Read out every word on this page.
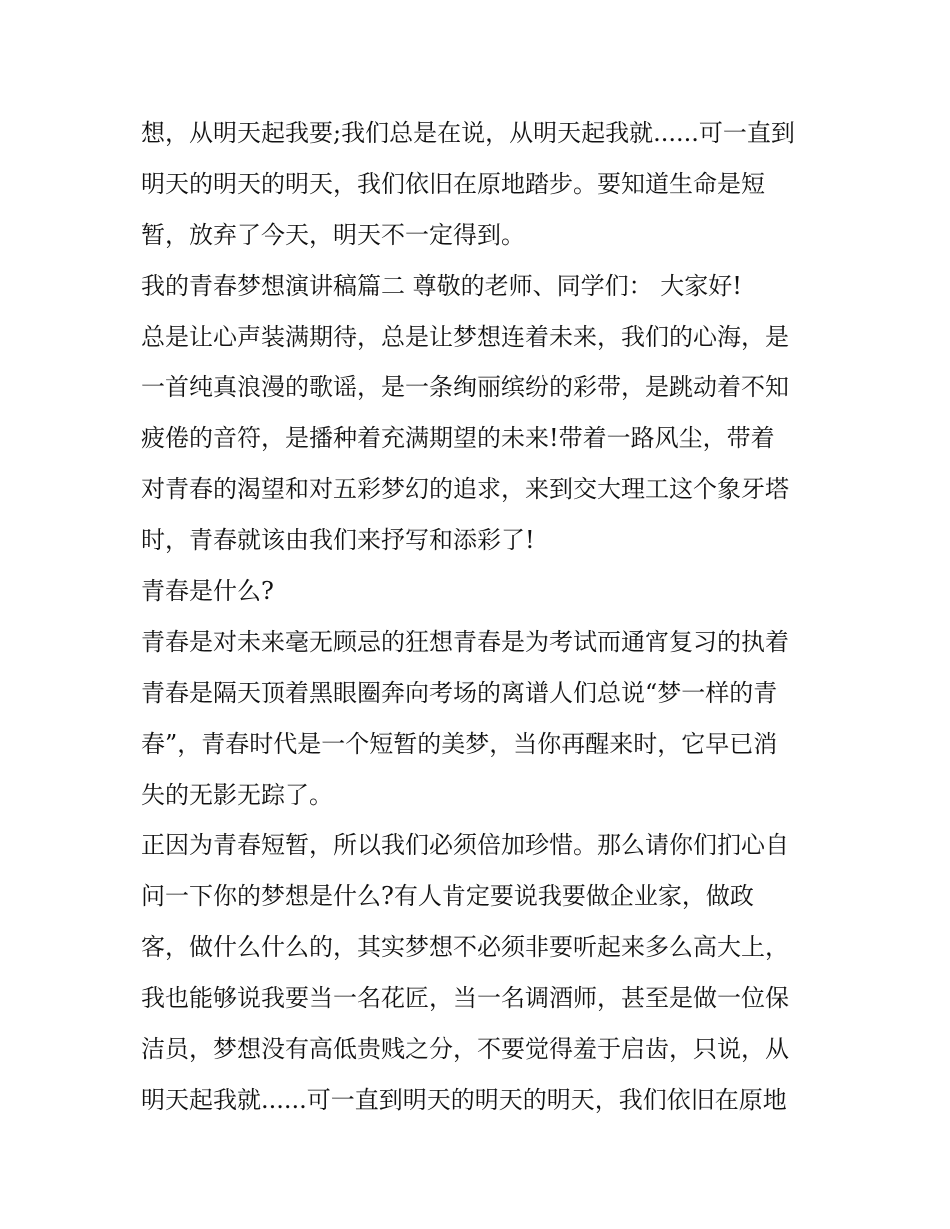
想，从明天起我要;我们总是在说，从明天起我就......可一直到
明天的明天的明天，我们依旧在原地踏步。要知道生命是短
暂，放弃了今天，明天不一定得到。
我的青春梦想演讲稿篇二 尊敬的老师、同学们： 大家好!
总是让心声装满期待，总是让梦想连着未来，我们的心海，是
一首纯真浪漫的歌谣，是一条绚丽缤纷的彩带，是跳动着不知
疲倦的音符，是播种着充满期望的未来!带着一路风尘，带着
对青春的渴望和对五彩梦幻的追求，来到交大理工这个象牙塔
时，青春就该由我们来抒写和添彩了!
青春是什么?
青春是对未来毫无顾忌的狂想青春是为考试而通宵复习的执着
青春是隔天顶着黑眼圈奔向考场的离谱人们总说“梦一样的青
春”，青春时代是一个短暂的美梦，当你再醒来时，它早已消
失的无影无踪了。
正因为青春短暂，所以我们必须倍加珍惜。那么请你们扪心自
问一下你的梦想是什么?有人肯定要说我要做企业家，做政
客，做什么什么的，其实梦想不必须非要听起来多么高大上，
我也能够说我要当一名花匠，当一名调酒师，甚至是做一位保
洁员，梦想没有高低贵贱之分，不要觉得羞于启齿，只说，从
明天起我就......可一直到明天的明天的明天，我们依旧在原地
